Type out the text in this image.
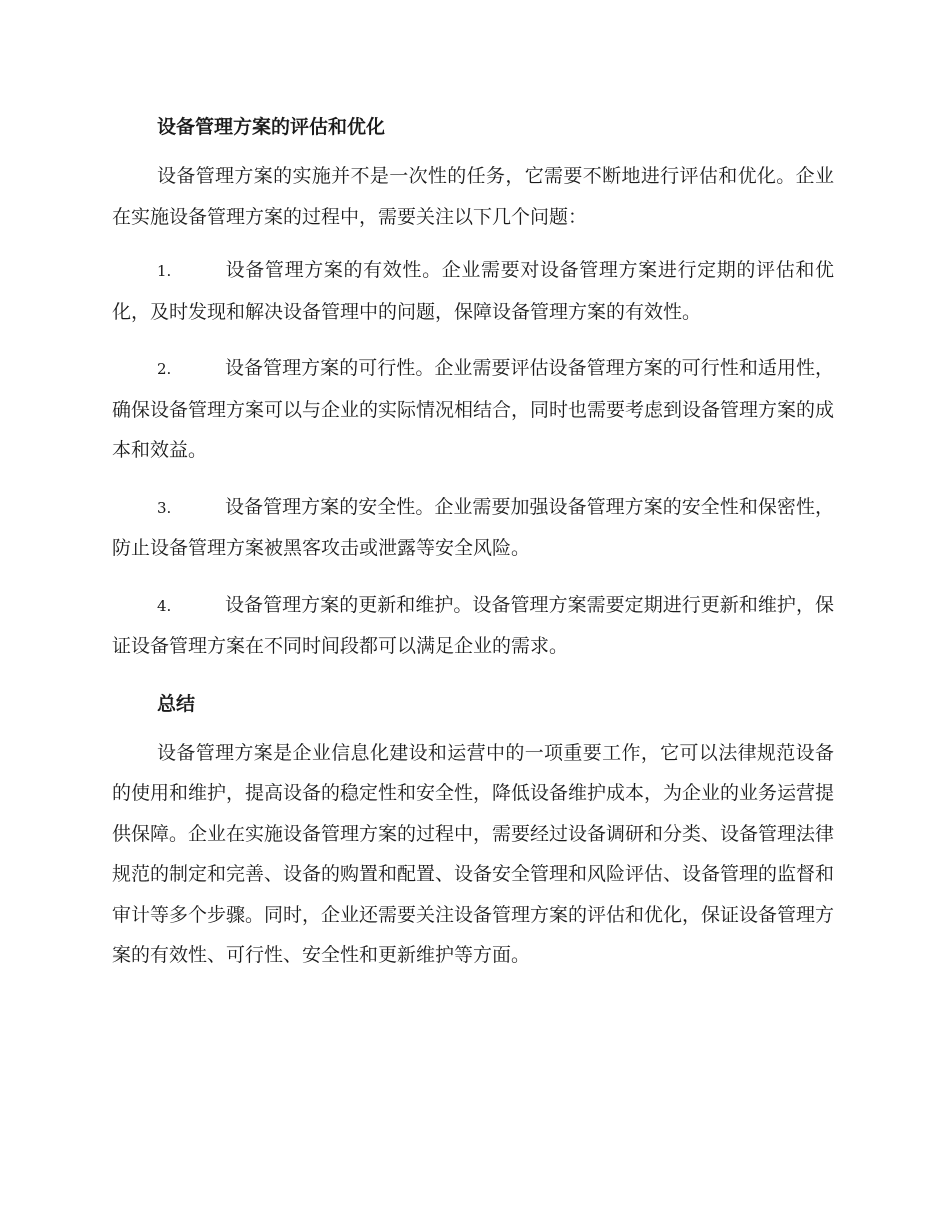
设备管理方案的评估和优化

设备管理方案的实施并不是一次性的任务，它需要不断地进行评估和优化。企业在实施设备管理方案的过程中，需要关注以下几个问题：

1.	设备管理方案的有效性。企业需要对设备管理方案进行定期的评估和优化，及时发现和解决设备管理中的问题，保障设备管理方案的有效性。
2.	设备管理方案的可行性。企业需要评估设备管理方案的可行性和适用性，确保设备管理方案可以与企业的实际情况相结合，同时也需要考虑到设备管理方案的成本和效益。
3.	设备管理方案的安全性。企业需要加强设备管理方案的安全性和保密性，防止设备管理方案被黑客攻击或泄露等安全风险。
4.	设备管理方案的更新和维护。设备管理方案需要定期进行更新和维护，保证设备管理方案在不同时间段都可以满足企业的需求。
总结

设备管理方案是企业信息化建设和运营中的一项重要工作，它可以法律规范设备的使用和维护，提高设备的稳定性和安全性，降低设备维护成本，为企业的业务运营提供保障。企业在实施设备管理方案的过程中，需要经过设备调研和分类、设备管理法律规范的制定和完善、设备的购置和配置、设备安全管理和风险评估、设备管理的监督和审计等多个步骤。同时，企业还需要关注设备管理方案的评估和优化，保证设备管理方案的有效性、可行性、安全性和更新维护等方面。
